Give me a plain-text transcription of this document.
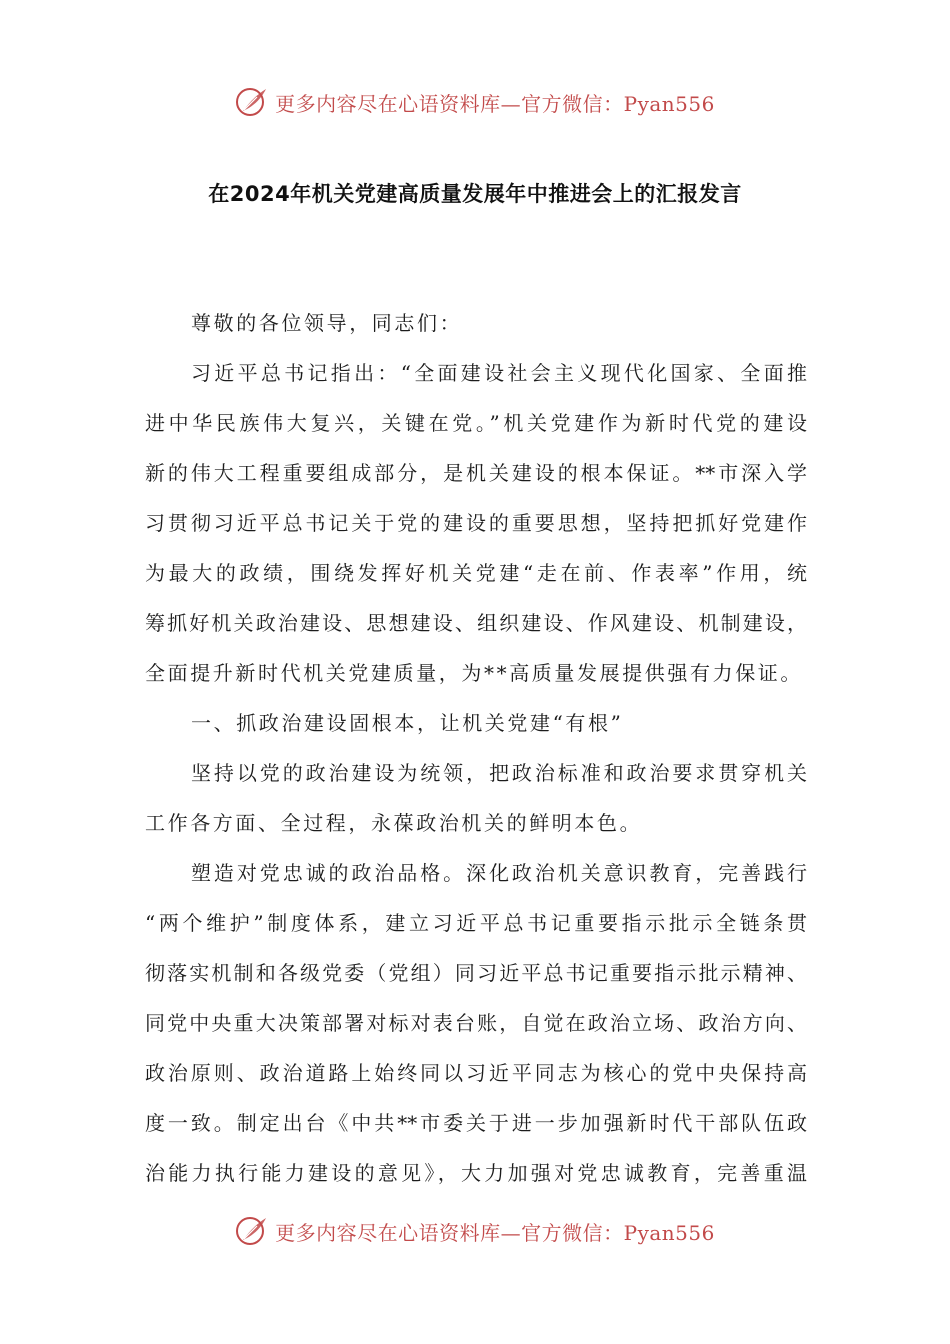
更多内容尽在心语资料库—官方微信：Pyan556
在2024年机关党建高质量发展年中推进会上的汇报发言
尊敬的各位领导，同志们：
习近平总书记指出：“全面建设社会主义现代化国家、全面推
进中华民族伟大复兴，关键在党。”机关党建作为新时代党的建设
新的伟大工程重要组成部分，是机关建设的根本保证。**市深入学
习贯彻习近平总书记关于党的建设的重要思想，坚持把抓好党建作
为最大的政绩，围绕发挥好机关党建“走在前、作表率”作用，统
筹抓好机关政治建设、思想建设、组织建设、作风建设、机制建设，
全面提升新时代机关党建质量，为**高质量发展提供强有力保证。
一、抓政治建设固根本，让机关党建“有根”
坚持以党的政治建设为统领，把政治标准和政治要求贯穿机关
工作各方面、全过程，永葆政治机关的鲜明本色。
塑造对党忠诚的政治品格。深化政治机关意识教育，完善践行
“两个维护”制度体系，建立习近平总书记重要指示批示全链条贯
彻落实机制和各级党委（党组）同习近平总书记重要指示批示精神、
同党中央重大决策部署对标对表台账，自觉在政治立场、政治方向、
政治原则、政治道路上始终同以习近平同志为核心的党中央保持高
度一致。制定出台《中共**市委关于进一步加强新时代干部队伍政
治能力执行能力建设的意见》，大力加强对党忠诚教育，完善重温
更多内容尽在心语资料库—官方微信：Pyan556
